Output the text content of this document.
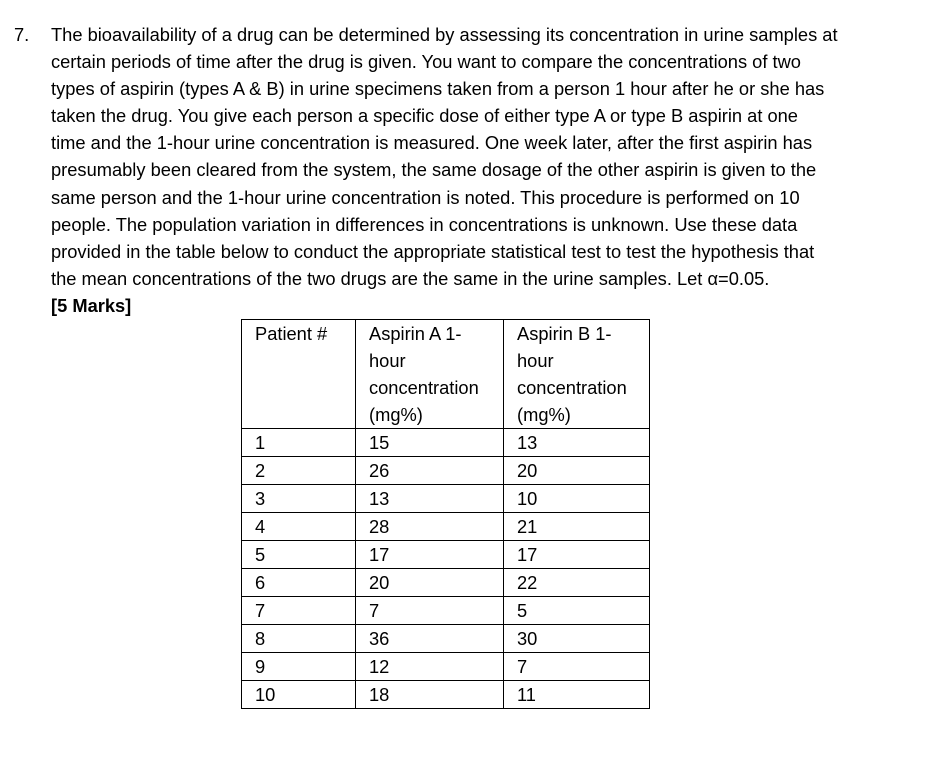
7. The bioavailability of a drug can be determined by assessing its concentration in urine samples at
certain periods of time after the drug is given. You want to compare the concentrations of two
types of aspirin (types A & B) in urine specimens taken from a person 1 hour after he or she has
taken the drug. You give each person a specific dose of either type A or type B aspirin at one
time and the 1-hour urine concentration is measured. One week later, after the first aspirin has
presumably been cleared from the system, the same dosage of the other aspirin is given to the
same person and the 1-hour urine concentration is noted. This procedure is performed on 10
people. The population variation in differences in concentrations is unknown. Use these data
provided in the table below to conduct the appropriate statistical test to test the hypothesis that
the mean concentrations of the two drugs are the same in the urine samples. Let α=0.05.
[5 Marks]
Patient #	Aspirin A 1-
hour
concentration
(mg%)	Aspirin B 1-
hour
concentration
(mg%)

1	15	13
2	26	20
3	13	10
4	28	21
5	17	17
6	20	22
7	7	5
8	36	30
9	12	7
10	18	11
